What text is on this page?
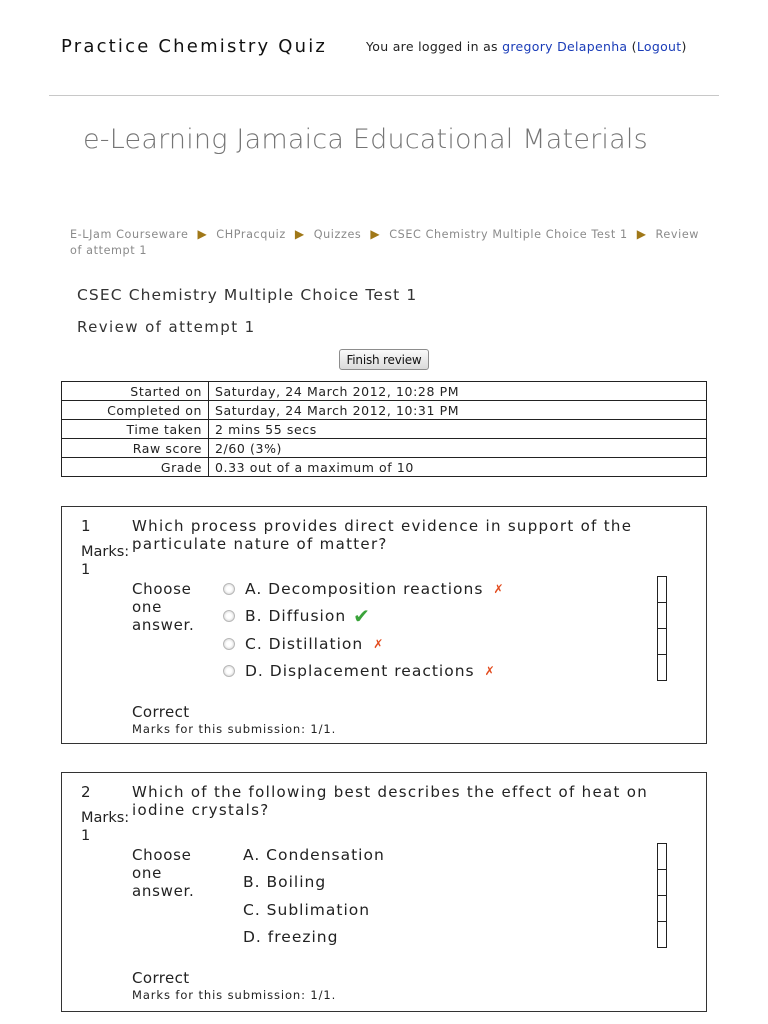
Practice Chemistry Quiz	You are logged in as gregory Delapenha (Logout)
e-Learning Jamaica Educational Materials
E-LJam Courseware ▶ CHPracquiz ▶ Quizzes ▶ CSEC Chemistry Multiple Choice Test 1 ▶ Review of attempt 1
CSEC Chemistry Multiple Choice Test 1
Review of attempt 1
Finish review
Started on	Saturday, 24 March 2012, 10:28 PM
Completed on	Saturday, 24 March 2012, 10:31 PM
Time taken	2 mins 55 secs
Raw score	2/60 (3%)
Grade	0.33 out of a maximum of 10
1
Marks:
1
Which process provides direct evidence in support of the particulate nature of matter?
Choose one answer.
A. Decomposition reactions ✗
B. Diffusion ✔
C. Distillation ✗
D. Displacement reactions ✗
Correct
Marks for this submission: 1/1.
2
Marks:
1
Which of the following best describes the effect of heat on iodine crystals?
Choose one answer.
A. Condensation
B. Boiling
C. Sublimation
D. freezing
Correct
Marks for this submission: 1/1.
